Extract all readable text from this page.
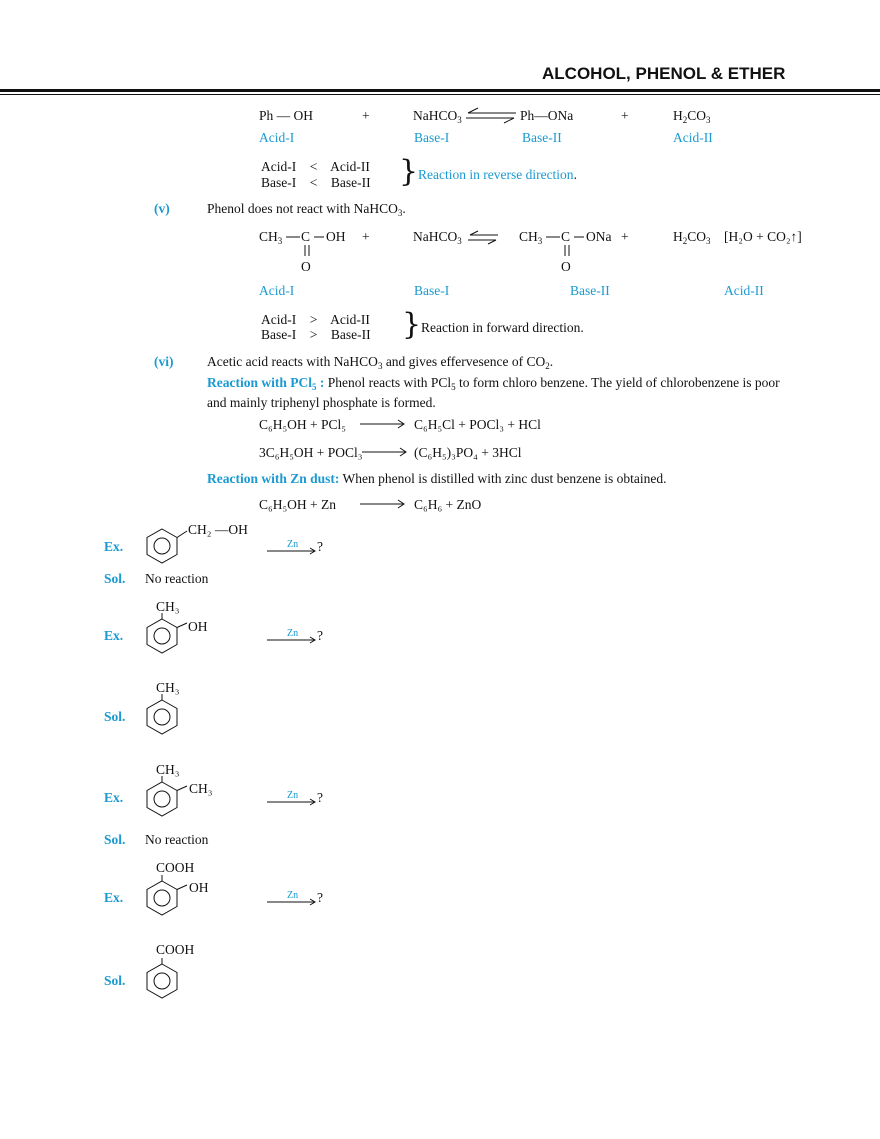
ALCOHOL, PHENOL & ETHER
Ph — OH	+	NaHCO$_3$ ⇌ Ph—ONa	+	$H_2CO_3$
Acid-I	Base-I	Base-II	Acid-II
Acid-I    <    Acid-II
Base-I    <    Base-II } Reaction in reverse direction.
(v)	Phenol does not react with NaHCO$_3$.
$CH_3$ C OH
O
+	NaHCO$_3$ ⇌ $CH_3$ C ONa
O
+	$H_2CO_3$ [H₂O + CO₂↑]
Acid-I	Base-I	Base-II	Acid-II
Acid-I    >    Acid-II
Base-I    >    Base-II } Reaction in forward direction.
(vi) Acetic acid reacts with NaHCO$_3$ and gives effervesence of $CO_2$.
Reaction with PCl$_5$ : Phenol reacts with PCl$_5$ to form chloro benzene. The yield of chlorobenzene is poor
and mainly triphenyl phosphate is formed.
C₆H₅OH + PCl₅ → C₆H₅Cl + POCl₃ + HCl
3C₆H₅OH + POCl₃ → (C₆H₅)₃PO₄ + 3HCl
Reaction with Zn dust: When phenol is distilled with zinc dust benzene is obtained.
C₆H₅OH + Zn → C₆H₆ + ZnO
Ex.
CH₂ —OH
Zn → ?
Sol. No reaction
CH₃
OH
Ex.	Zn → ?
CH₃
Sol.
CH₃
CH₃
Ex.	Zn → ?
Sol. No reaction
COOH
OH
Ex.	Zn → ?
COOH
Sol.
